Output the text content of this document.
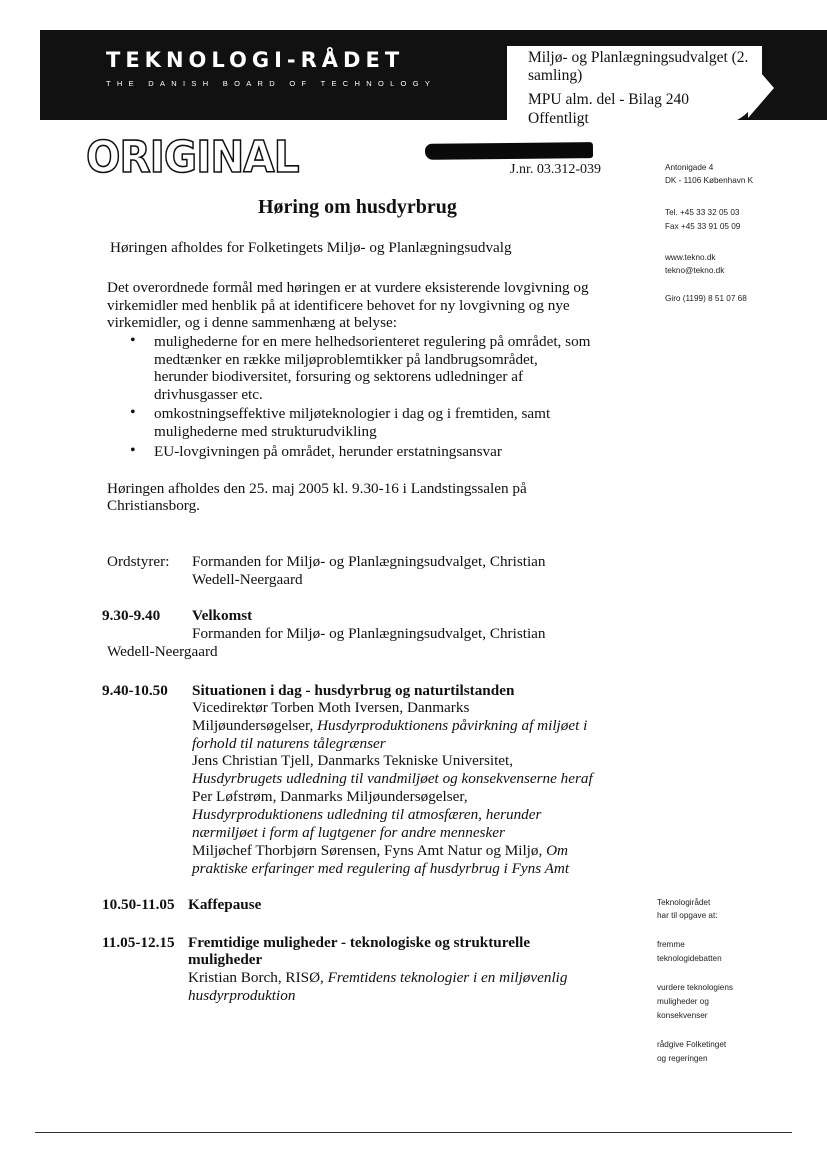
TEKNOLOGI-RÅDET
THE DANISH BOARD OF TECHNOLOGY
Miljø- og Planlægningsudvalget (2.
samling)
MPU alm. del - Bilag 240
Offentligt
ORIGINAL	J.nr. 03.312-039	Antonigade 4
DK - 1106 København K
Tel. +45 33 32 05 03
Fax +45 33 91 05 09
www.tekno.dk
tekno@tekno.dk
Giro (1199) 8 51 07 68
Teknologirådet
har til opgave at:
fremme
teknologidebatten
vurdere teknologiens
muligheder og
konsekvenser
rådgive Folketinget
og regeringen
Høring om husdyrbrug
Høringen afholdes for Folketingets Miljø- og Planlægningsudvalg
Det overordnede formål med høringen er at vurdere eksisterende lovgivning og
virkemidler med henblik på at identificere behovet for ny lovgivning og nye
virkemidler, og i denne sammenhæng at belyse:
• mulighederne for en mere helhedsorienteret regulering på området, som
medtænker en række miljøproblemtikker på landbrugsområdet,
herunder biodiversitet, forsuring og sektorens udledninger af
drivhusgasser etc.
• omkostningseffektive miljøteknologier i dag og i fremtiden, samt
mulighederne med strukturudvikling
• EU-lovgivningen på området, herunder erstatningsansvar
Høringen afholdes den 25. maj 2005 kl. 9.30-16 i Landstingssalen på
Christiansborg.
Ordstyrer: Formanden for Miljø- og Planlægningsudvalget, Christian
Wedell-Neergaard
9.30-9.40 Velkomst
Formanden for Miljø- og Planlægningsudvalget, Christian
Wedell-Neergaard
9.40-10.50 Situationen i dag - husdyrbrug og naturtilstanden
Vicedirektør Torben Moth Iversen, Danmarks
Miljøundersøgelser, Husdyrproduktionens påvirkning af miljøet i
forhold til naturens tålegrænser
Jens Christian Tjell, Danmarks Tekniske Universitet,
Husdyrbrugets udledning til vandmiljøet og konsekvenserne heraf
Per Løfstrøm, Danmarks Miljøundersøgelser,
Husdyrproduktionens udledning til atmosfæren, herunder
nærmiljøet i form af lugtgener for andre mennesker
Miljøchef Thorbjørn Sørensen, Fyns Amt Natur og Miljø, Om
praktiske erfaringer med regulering af husdyrbrug i Fyns Amt
10.50-11.05 Kaffepause
11.05-12.15 Fremtidige muligheder - teknologiske og strukturelle
muligheder
Kristian Borch, RISØ, Fremtidens teknologier i en miljøvenlig
husdyrproduktion
